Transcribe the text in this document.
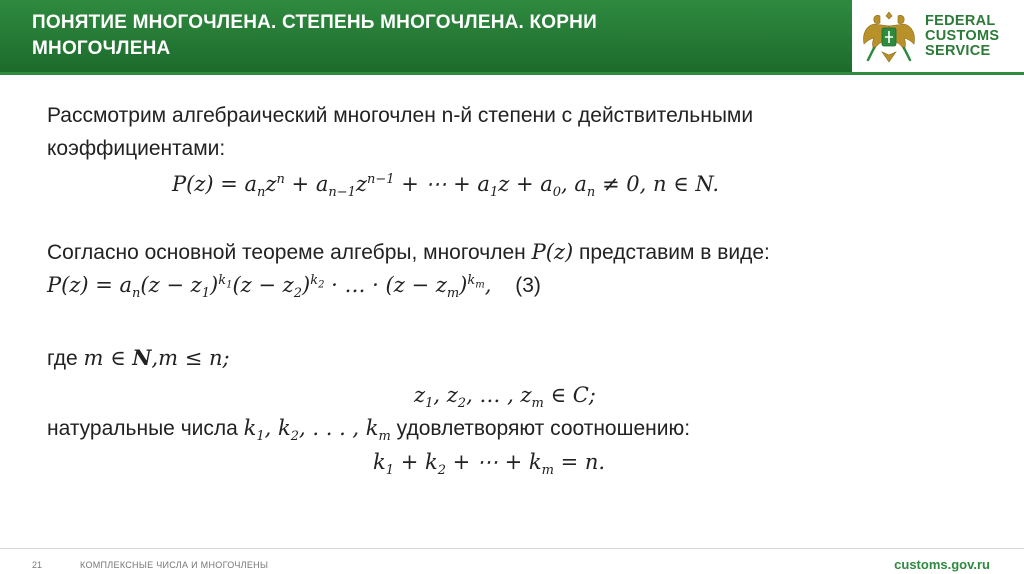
ПОНЯТИЕ МНОГОЧЛЕНА. СТЕПЕНЬ МНОГОЧЛЕНА. КОРНИ
МНОГОЧЛЕНА
FEDERAL
CUSTOMS
SERVICE
Рассмотрим алгебраический многочлен n-й степени с действительными
коэффициентами:
$P(z) = a_nz^n + a_{n-1}z^{n-1}$ + ⋯ + $a_1z + a_0$, $a_n \ne 0$, n ∈ N.
Согласно основной теореме алгебры, многочлен P(z) представим в виде:
$P(z) = a_n(z - z_1)^{k_1}(z - z_2)^{k_2}$ · … · $(z - z_m)^{k_m}$, (3)
где m ∈ N,m ≤ n;
$z_1$, $z_2$, … , $z_m$ ∈ C;
натуральные числа $k_1$, $k_2$, . . . , $k_m$ удовлетворяют соотношению:
$k_1 + k_2$ + ⋯ + $k_m = n$.
21	КОМПЛЕКСНЫЕ ЧИСЛА И МНОГОЧЛЕНЫ	customs.gov.ru
